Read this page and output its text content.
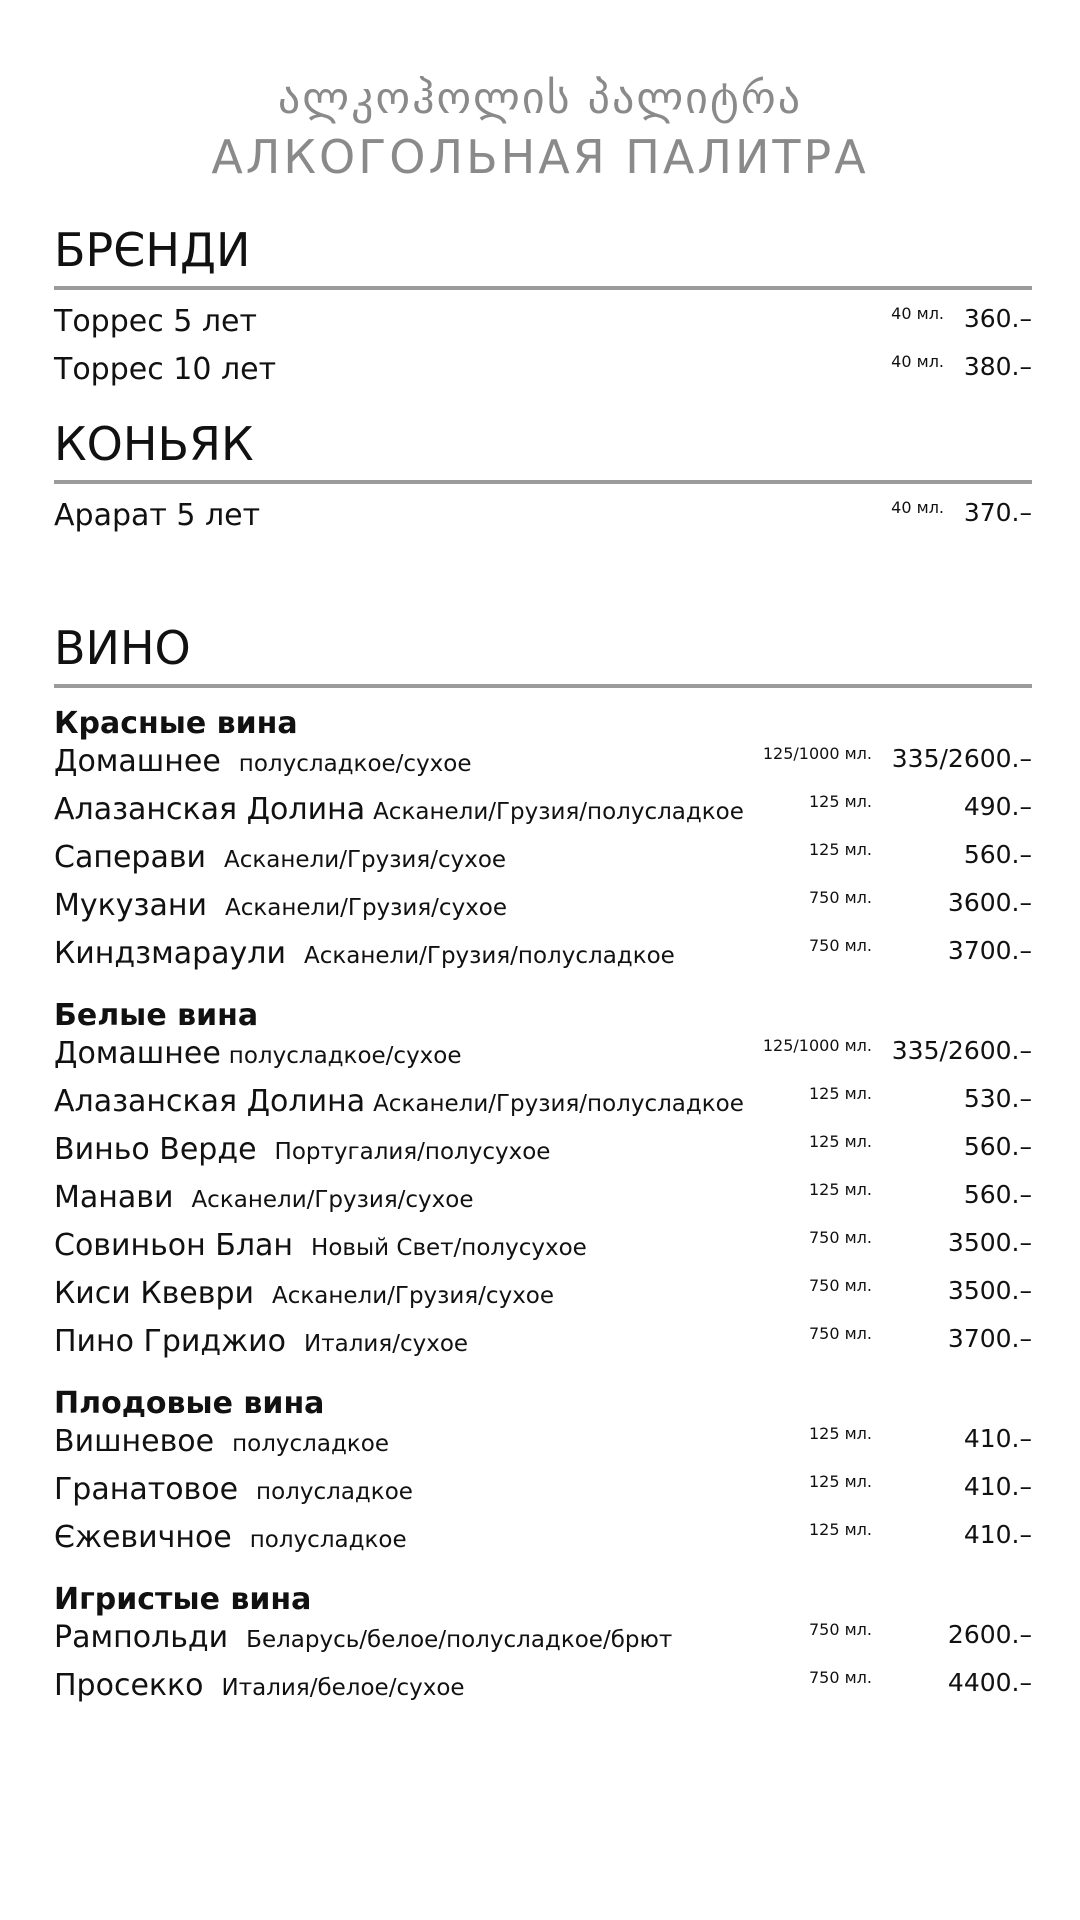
ალკოჰოლის პალიტრა
АЛКОГОЛЬНАЯ ПАЛИТРА
БРЄНДИ
Торрес 5 лет	40 мл. 360.–
Торрес 10 лет	40 мл. 380.–
КОНЬЯК
Арарат 5 лет	40 мл. 370.–
ВИНО
Красные вина
Домашнее полусладкое/сухое	125/1000 мл. 335/2600.–
Алазанская Долина Асканели/Грузия/полусладкое	125 мл.	490.–
Саперави Асканели/Грузия/сухое	125 мл.	560.–
Мукузани Асканели/Грузия/сухое	750 мл.	3600.–
Киндзмараули Асканели/Грузия/полусладкое	750 мл.	3700.–
Белые вина
Домашнее полусладкое/сухое	125/1000 мл. 335/2600.–
Алазанская Долина Асканели/Грузия/полусладкое	125 мл.	530.–
Виньо Верде Португалия/полусухое	125 мл.	560.–
Манави Асканели/Грузия/сухое	125 мл.	560.–
Совиньон Блан Новый Свет/полусухое	750 мл.	3500.–
Киси Квеври Асканели/Грузия/сухое	750 мл.	3500.–
Пино Гриджио Италия/сухое	750 мл.	3700.–
Плодовые вина
Вишневое полусладкое	125 мл.	410.–
Гранатовое полусладкое	125 мл.	410.–
Єжевичное полусладкое	125 мл.	410.–
Игристые вина
Рампольди Беларусь/белое/полусладкое/брют	750 мл.	2600.–
Просекко Италия/белое/сухое	750 мл.	4400.–
